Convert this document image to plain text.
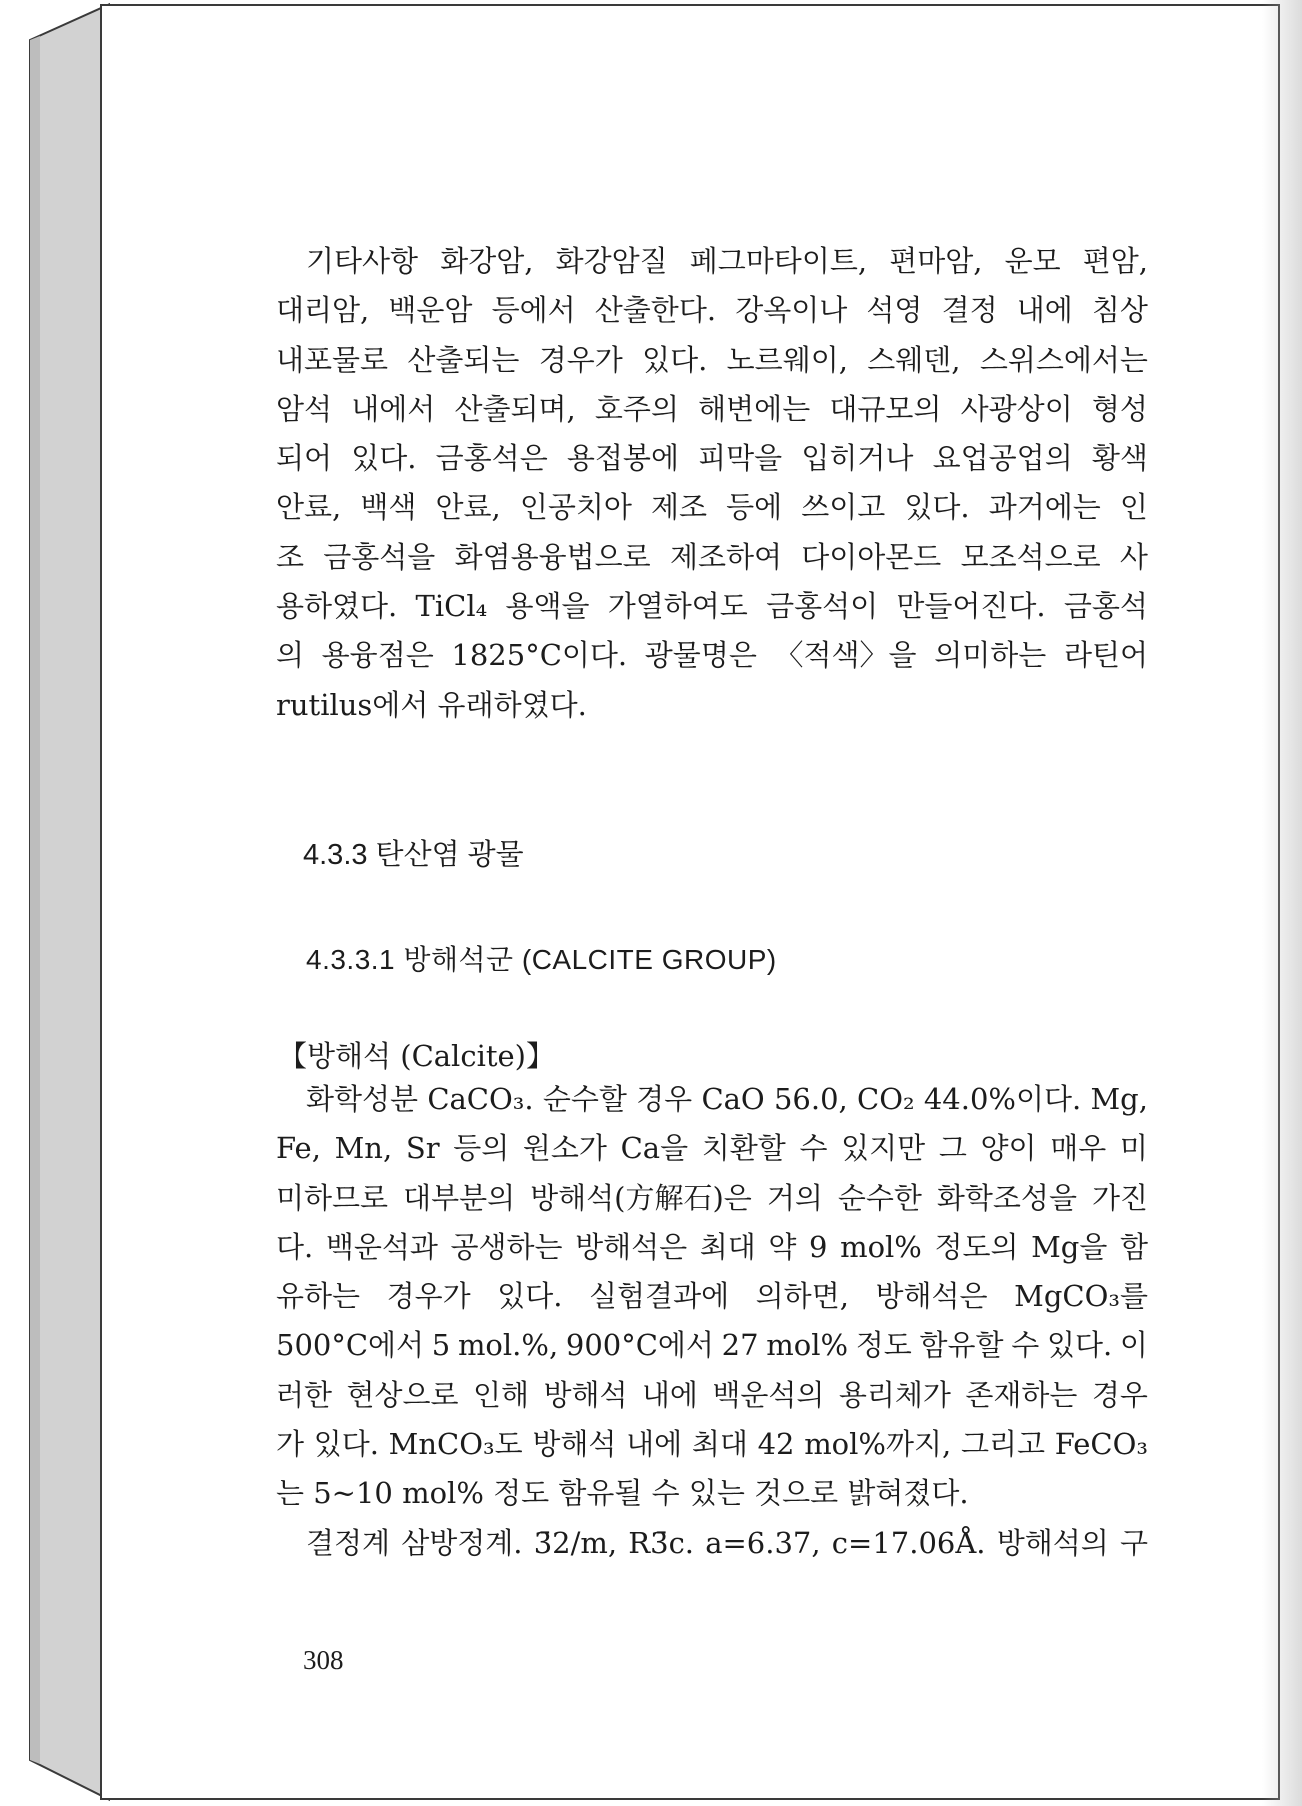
기타사항 화강암, 화강암질 페그마타이트, 편마암, 운모 편암,
대리암, 백운암 등에서 산출한다. 강옥이나 석영 결정 내에 침상
내포물로 산출되는 경우가 있다. 노르웨이, 스웨덴, 스위스에서는
암석 내에서 산출되며, 호주의 해변에는 대규모의 사광상이 형성
되어 있다. 금홍석은 용접봉에 피막을 입히거나 요업공업의 황색
안료, 백색 안료, 인공치아 제조 등에 쓰이고 있다. 과거에는 인
조 금홍석을 화염용융법으로 제조하여 다이아몬드 모조석으로 사
용하였다. TiCl₄ 용액을 가열하여도 금홍석이 만들어진다. 금홍석
의 용융점은 1825°C이다. 광물명은 〈적색〉을 의미하는 라틴어
rutilus에서 유래하였다.
4.3.3 탄산염 광물
4.3.3.1 방해석군 (CALCITE GROUP)
【방해석 (Calcite)】
화학성분 CaCO₃. 순수할 경우 CaO 56.0, CO₂ 44.0%이다. Mg,
Fe, Mn, Sr 등의 원소가 Ca을 치환할 수 있지만 그 양이 매우 미
미하므로 대부분의 방해석(方解石)은 거의 순수한 화학조성을 가진
다. 백운석과 공생하는 방해석은 최대 약 9 mol% 정도의 Mg을 함
유하는 경우가 있다. 실험결과에 의하면, 방해석은 MgCO₃를
500°C에서 5 mol.%, 900°C에서 27 mol% 정도 함유할 수 있다. 이
러한 현상으로 인해 방해석 내에 백운석의 용리체가 존재하는 경우
가 있다. MnCO₃도 방해석 내에 최대 42 mol%까지, 그리고 FeCO₃
는 5~10 mol% 정도 함유될 수 있는 것으로 밝혀졌다.
결정계 삼방정계. 3̄2/m, R3̄c. a=6.37, c=17.06Å. 방해석의 구
308
